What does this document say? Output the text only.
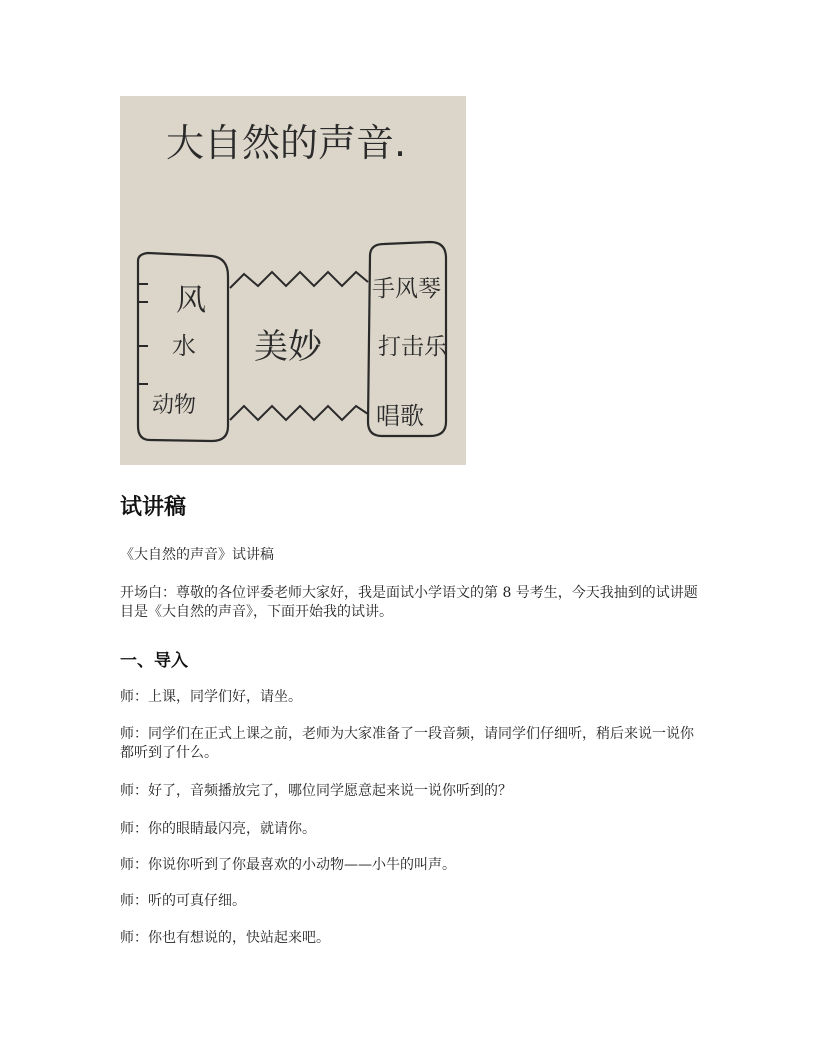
大自然的声音.
风
水
动物
手风琴
打击乐
唱歌
美妙
试讲稿

《大自然的声音》试讲稿

开场白：尊敬的各位评委老师大家好，我是面试小学语文的第 8 号考生，今天我抽到的试讲题目是《大自然的声音》，下面开始我的试讲。

一、导入

师：上课，同学们好，请坐。

师：同学们在正式上课之前，老师为大家准备了一段音频，请同学们仔细听，稍后来说一说你都听到了什么。

师：好了，音频播放完了，哪位同学愿意起来说一说你听到的？

师：你的眼睛最闪亮，就请你。

师：你说你听到了你最喜欢的小动物——小牛的叫声。

师：听的可真仔细。

师：你也有想说的，快站起来吧。
